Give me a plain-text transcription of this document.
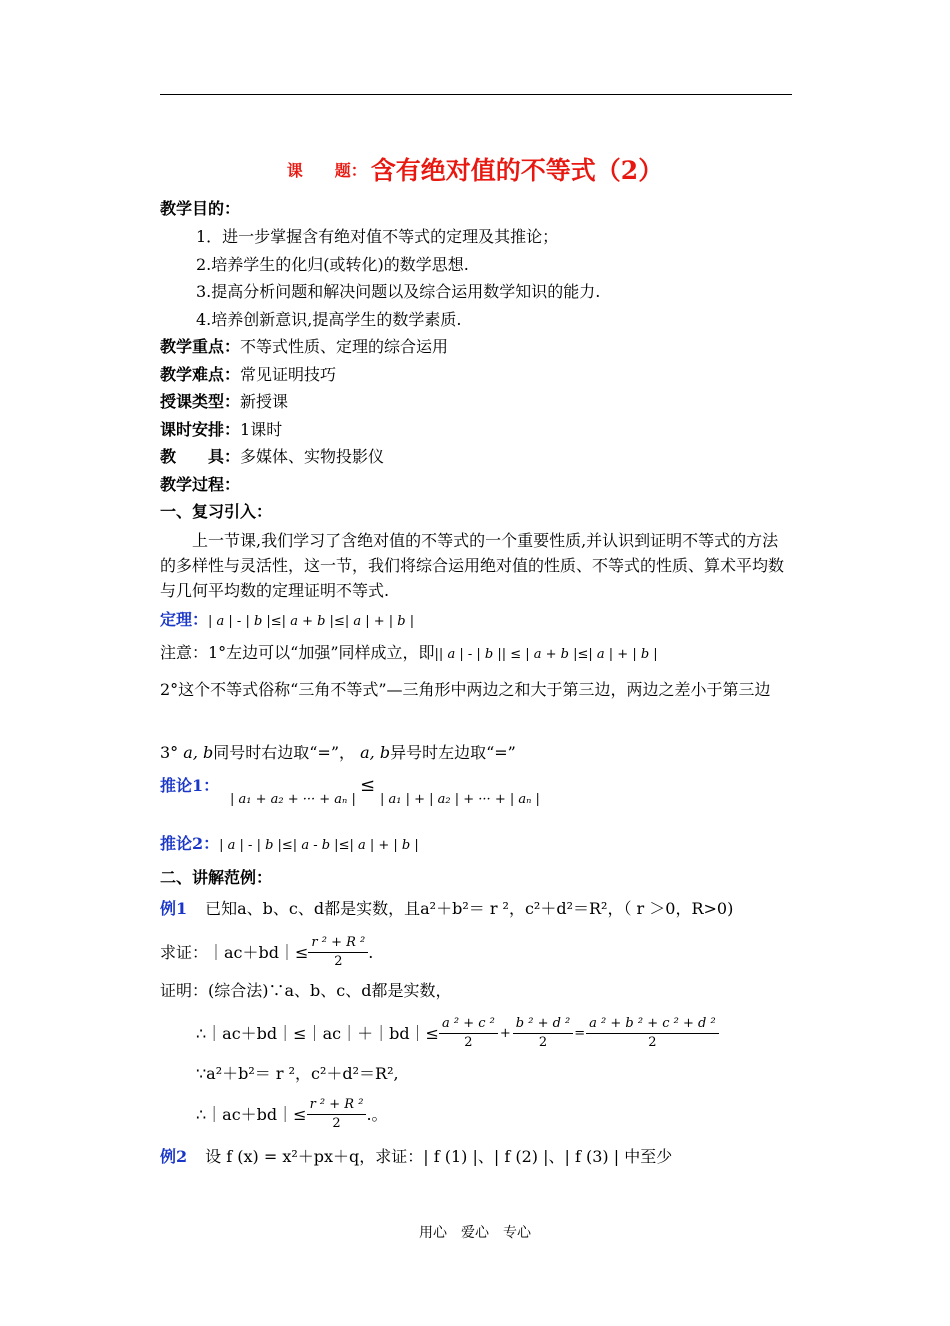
课　　题： 含有绝对值的不等式（2）
教学目的：
1．进一步掌握含有绝对值不等式的定理及其推论；
2.培养学生的化归(或转化)的数学思想.
3.提高分析问题和解决问题以及综合运用数学知识的能力.
4.培养创新意识,提高学生的数学素质.
教学重点：不等式性质、定理的综合运用
教学难点：常见证明技巧
授课类型：新授课
课时安排：1课时
教　　具：多媒体、实物投影仪
教学过程：
一、复习引入：
上一节课,我们学习了含绝对值的不等式的一个重要性质,并认识到证明不等式的方法的多样性与灵活性，这一节，我们将综合运用绝对值的性质、不等式的性质、算术平均数与几何平均数的定理证明不等式.
定理：| a | - | b |≤| a + b |≤| a | + | b |
注意：1°左边可以“加强”同样成立，即|| a | - | b || ≤ | a + b |≤| a | + | b |
2°这个不等式俗称“三角不等式”—三角形中两边之和大于第三边，两边之差小于第三边
3° a, b同号时右边取“=”， a, b异号时左边取“=”
推论1：
| a₁ + a₂ + ··· + aₙ |
≤
| a₁ | + | a₂ | + ··· + | aₙ |
推论2：| a | - | b |≤| a - b |≤| a | + | b |
二、讲解范例：
例1 已知a、b、c、d都是实数，且a²＋b²＝ r ²，c²＋d²＝R²，（ r ＞0，R>0)
求证：｜ac＋bd｜≤ $\frac{\text{r ² + R ²}}{2}$ .
证明：(综合法)∵a、b、c、d都是实数，
∴｜ac＋bd｜≤｜ac｜＋｜bd｜≤ $\frac{\text{a ² + c ²}}{2} + \frac{\text{b ² + d ²}}{2} = \frac{\text{a ² + b ² + c ² + d ²}}{2}$
∵a²＋b²＝ r ²，c²＋d²＝R²,
∴｜ac＋bd｜≤ $\frac{\text{r ² + R ²}}{2}$ .。
例2 设 f (x) = x²＋px＋q，求证：| f (1) |、| f (2) |、| f (3) | 中至少
用心　爱心　专心
